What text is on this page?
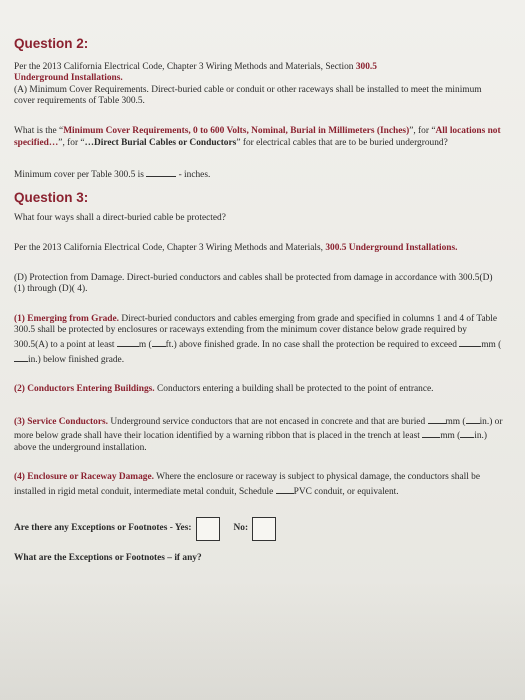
Question 2:

Per the 2013 California Electrical Code, Chapter 3 Wiring Methods and Materials, Section 300.5
Underground Installations.
(A) Minimum Cover Requirements. Direct-buried cable or conduit or other raceways shall be installed to meet the minimum cover requirements of Table 300.5.

What is the “Minimum Cover Requirements, 0 to 600 Volts, Nominal, Burial in Millimeters (Inches)”, for “All locations not specified…”, for “…Direct Burial Cables or Conductors” for electrical cables that are to be buried underground?

Minimum cover per Table 300.5 is	- inches.

Question 3:

What four ways shall a direct-buried cable be protected?

Per the 2013 California Electrical Code, Chapter 3 Wiring Methods and Materials, 300.5 Underground Installations.

(D) Protection from Damage. Direct-buried conductors and cables shall be protected from damage in accordance with 300.5(D)(1) through (D)( 4).

(1) Emerging from Grade. Direct-buried conductors and cables emerging from grade and specified in columns 1 and 4 of Table 300.5 shall be protected by enclosures or raceways extending from the minimum cover distance below grade required by 300.5(A) to a point at least	m ( ft.) above finished grade. In no case shall the protection be required to exceed	mm (in.) below finished grade.

(2) Conductors Entering Buildings. Conductors entering a building shall be protected to the point of entrance.

(3) Service Conductors. Underground service conductors that are not encased in concrete and that are buried mm ( in.) or more below grade shall have their location identified by a warning ribbon that is placed in the trench at least mm ( in.) above the underground installation.

(4) Enclosure or Raceway Damage. Where the enclosure or raceway is subject to physical damage, the conductors shall be installed in rigid metal conduit, intermediate metal conduit, Schedule PVC conduit, or equivalent.

Are there any Exceptions or Footnotes - Yes:	No:

What are the Exceptions or Footnotes – if any?
